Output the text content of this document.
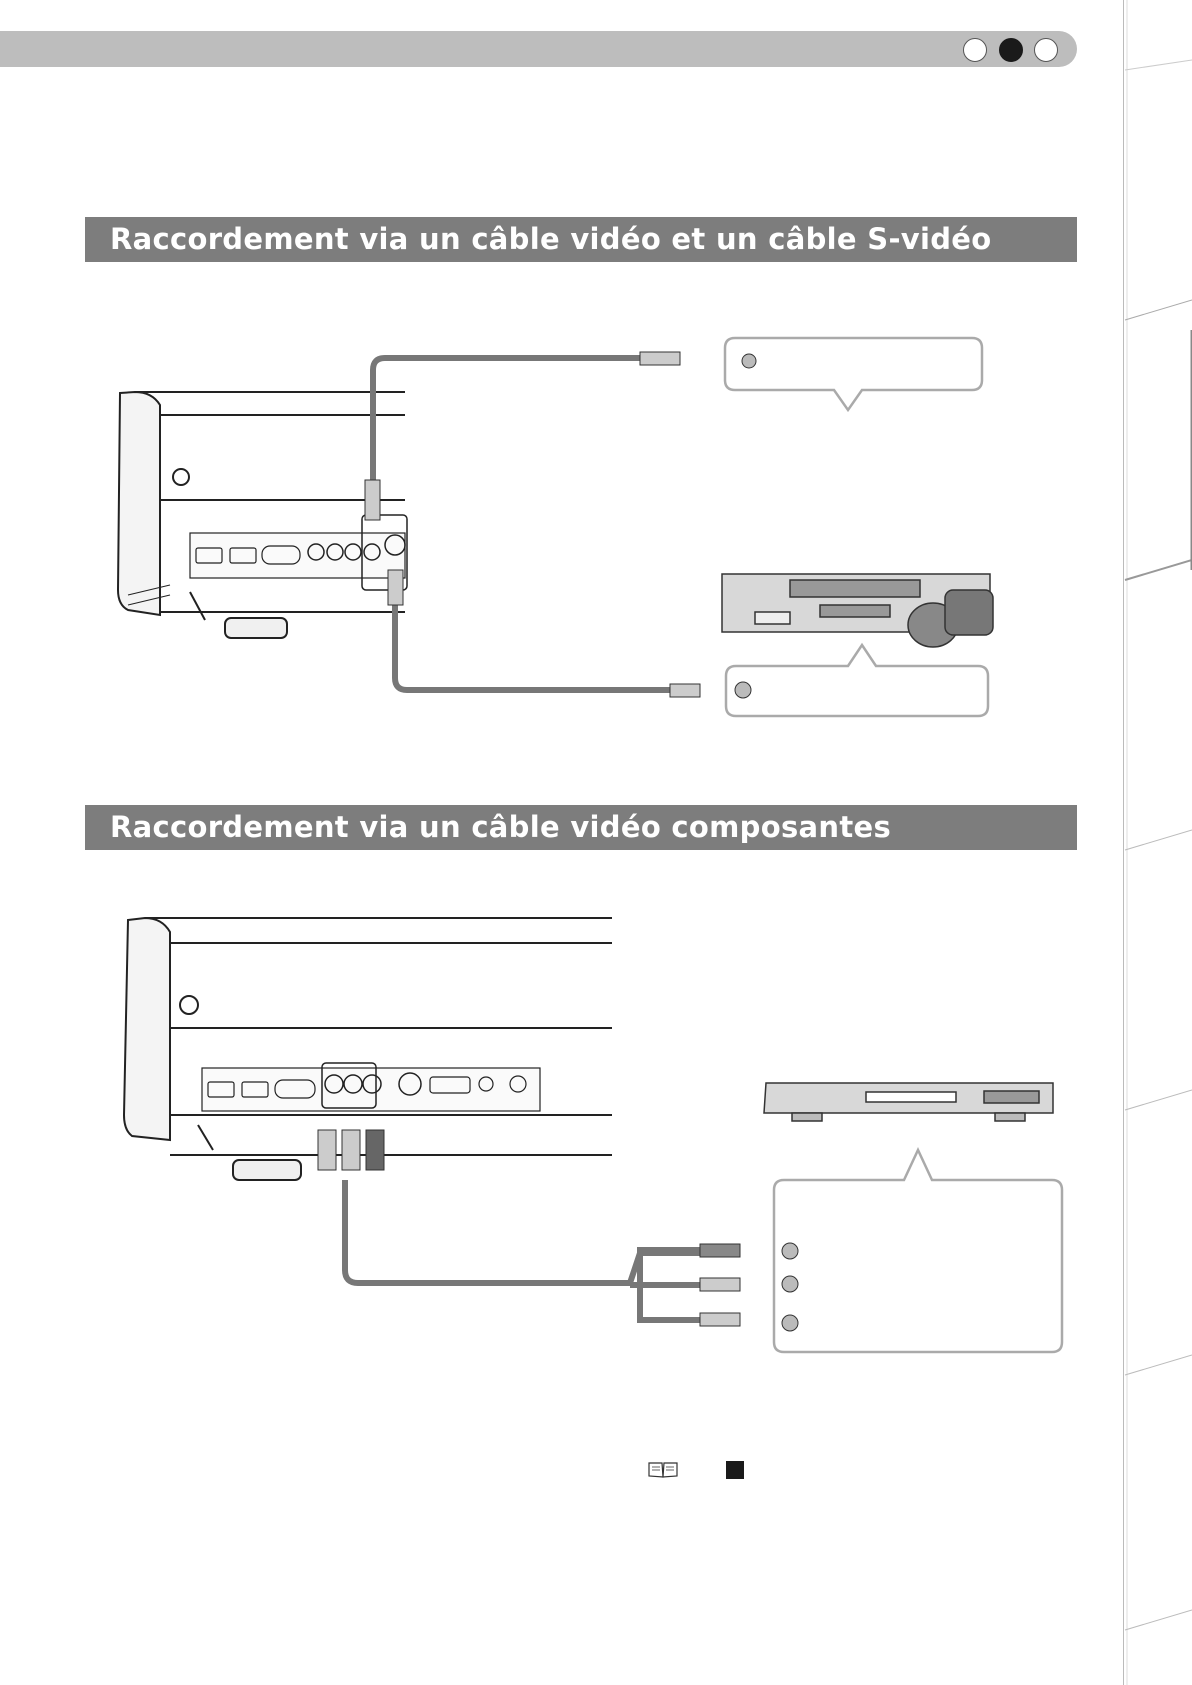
Raccordement via un câble vidéo et un câble S-vidéo
Raccordement via un câble vidéo composantes
